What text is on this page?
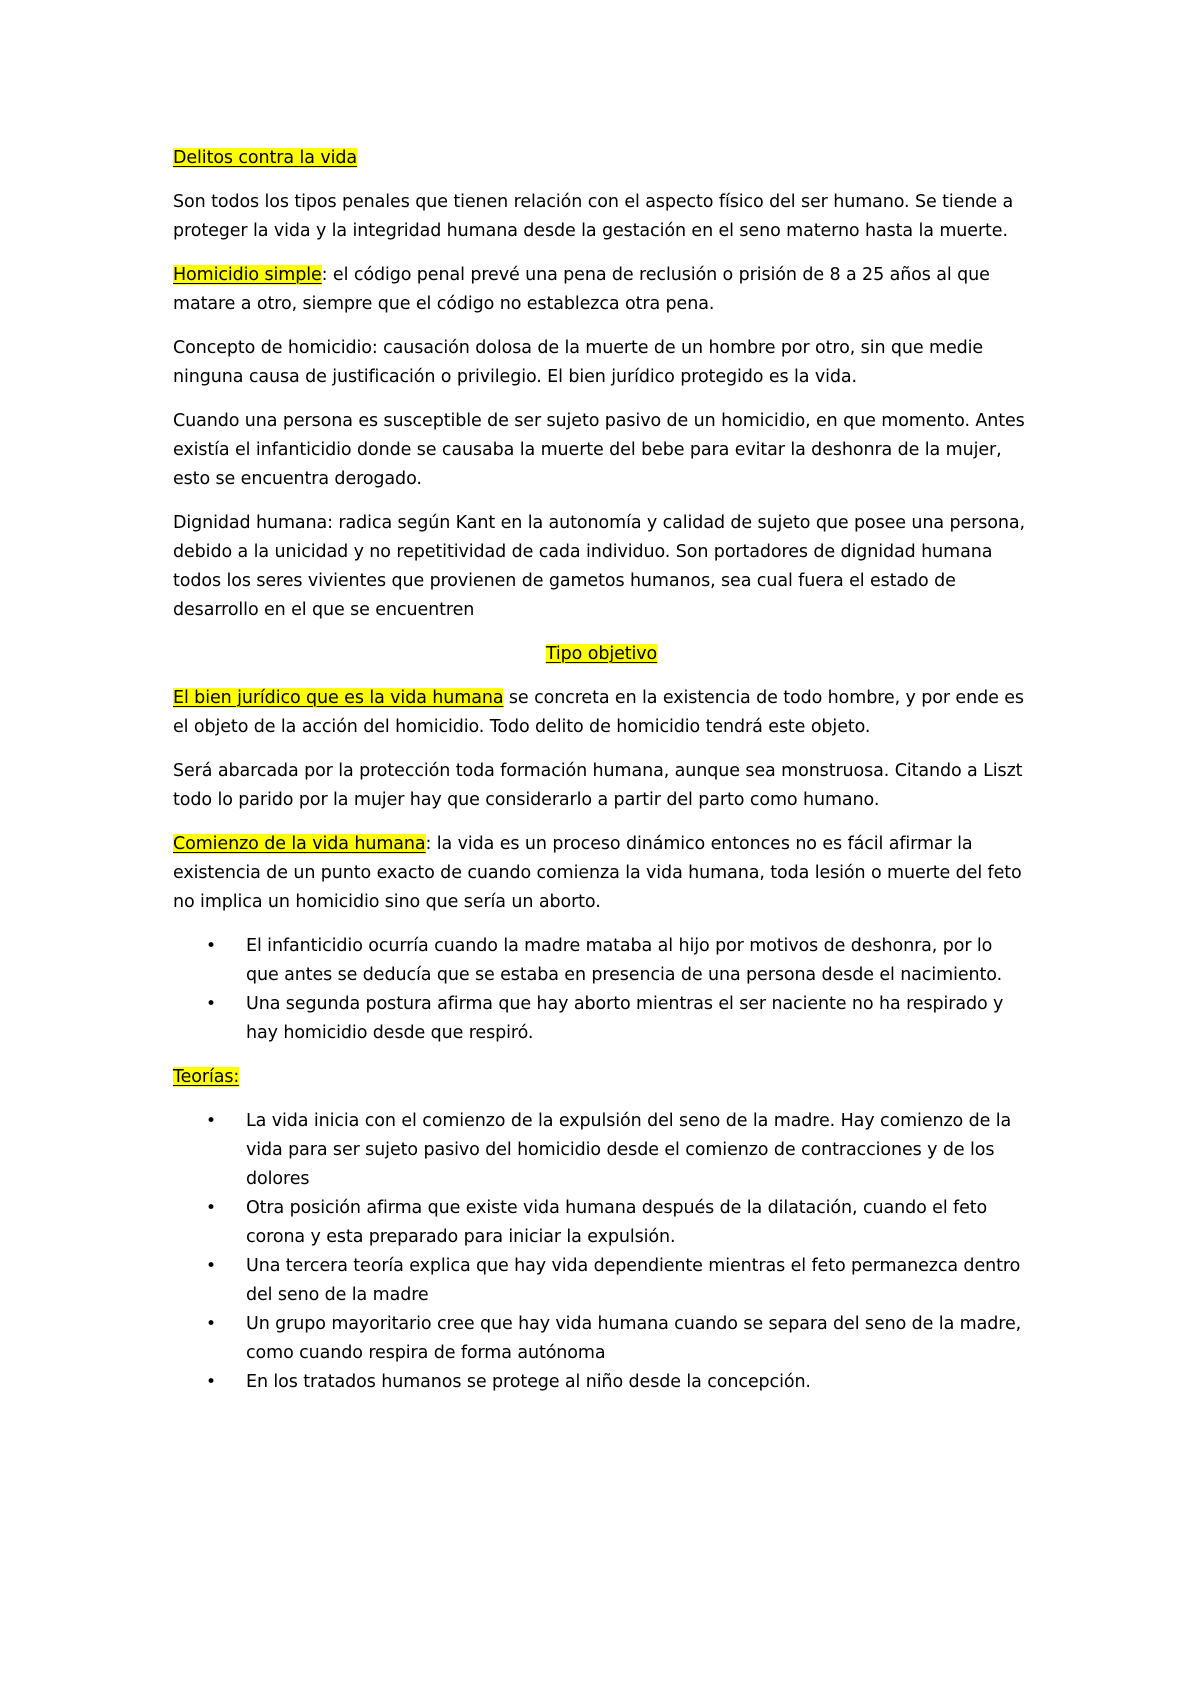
Delitos contra la vida

Son todos los tipos penales que tienen relación con el aspecto físico del ser humano. Se tiende a proteger la vida y la integridad humana desde la gestación en el seno materno hasta la muerte.

Homicidio simple: el código penal prevé una pena de reclusión o prisión de 8 a 25 años al que matare a otro, siempre que el código no establezca otra pena.

Concepto de homicidio: causación dolosa de la muerte de un hombre por otro, sin que medie ninguna causa de justificación o privilegio. El bien jurídico protegido es la vida.

Cuando una persona es susceptible de ser sujeto pasivo de un homicidio, en que momento. Antes existía el infanticidio donde se causaba la muerte del bebe para evitar la deshonra de la mujer, esto se encuentra derogado.

Dignidad humana: radica según Kant en la autonomía y calidad de sujeto que posee una persona, debido a la unicidad y no repetitividad de cada individuo. Son portadores de dignidad humana todos los seres vivientes que provienen de gametos humanos, sea cual fuera el estado de desarrollo en el que se encuentren

Tipo objetivo

El bien jurídico que es la vida humana se concreta en la existencia de todo hombre, y por ende es el objeto de la acción del homicidio. Todo delito de homicidio tendrá este objeto.

Será abarcada por la protección toda formación humana, aunque sea monstruosa. Citando a Liszt todo lo parido por la mujer hay que considerarlo a partir del parto como humano.

Comienzo de la vida humana: la vida es un proceso dinámico entonces no es fácil afirmar la existencia de un punto exacto de cuando comienza la vida humana, toda lesión o muerte del feto no implica un homicidio sino que sería un aborto.

• El infanticidio ocurría cuando la madre mataba al hijo por motivos de deshonra, por lo que antes se deducía que se estaba en presencia de una persona desde el nacimiento.
• Una segunda postura afirma que hay aborto mientras el ser naciente no ha respirado y hay homicidio desde que respiró.

Teorías:

• La vida inicia con el comienzo de la expulsión del seno de la madre. Hay comienzo de la vida para ser sujeto pasivo del homicidio desde el comienzo de contracciones y de los dolores
• Otra posición afirma que existe vida humana después de la dilatación, cuando el feto corona y esta preparado para iniciar la expulsión.
• Una tercera teoría explica que hay vida dependiente mientras el feto permanezca dentro del seno de la madre
• Un grupo mayoritario cree que hay vida humana cuando se separa del seno de la madre, como cuando respira de forma autónoma
• En los tratados humanos se protege al niño desde la concepción.
